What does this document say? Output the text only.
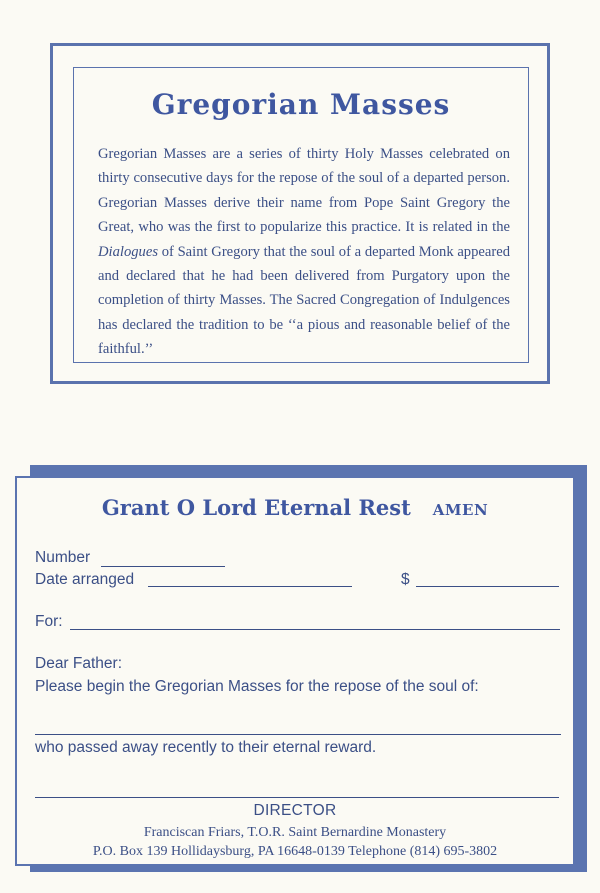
Gregorian Masses
Gregorian Masses are a series of thirty Holy Masses celebrated on thirty consecutive days for the repose of the soul of a departed person. Gregorian Masses derive their name from Pope Saint Gregory the Great, who was the first to popularize this practice. It is related in the Dialogues of Saint Gregory that the soul of a departed Monk appeared and declared that he had been delivered from Purgatory upon the completion of thirty Masses. The Sacred Congregation of Indulgences has declared the tradition to be ‘‘a pious and reasonable belief of the faithful.’’
Grant O Lord Eternal Rest AMEN
Number
Date arranged	$
For:
Dear Father:
Please begin the Gregorian Masses for the repose of the soul of:
who passed away recently to their eternal reward.
DIRECTOR
Franciscan Friars, T.O.R. Saint Bernardine Monastery
P.O. Box 139 Hollidaysburg, PA 16648-0139 Telephone (814) 695-3802
